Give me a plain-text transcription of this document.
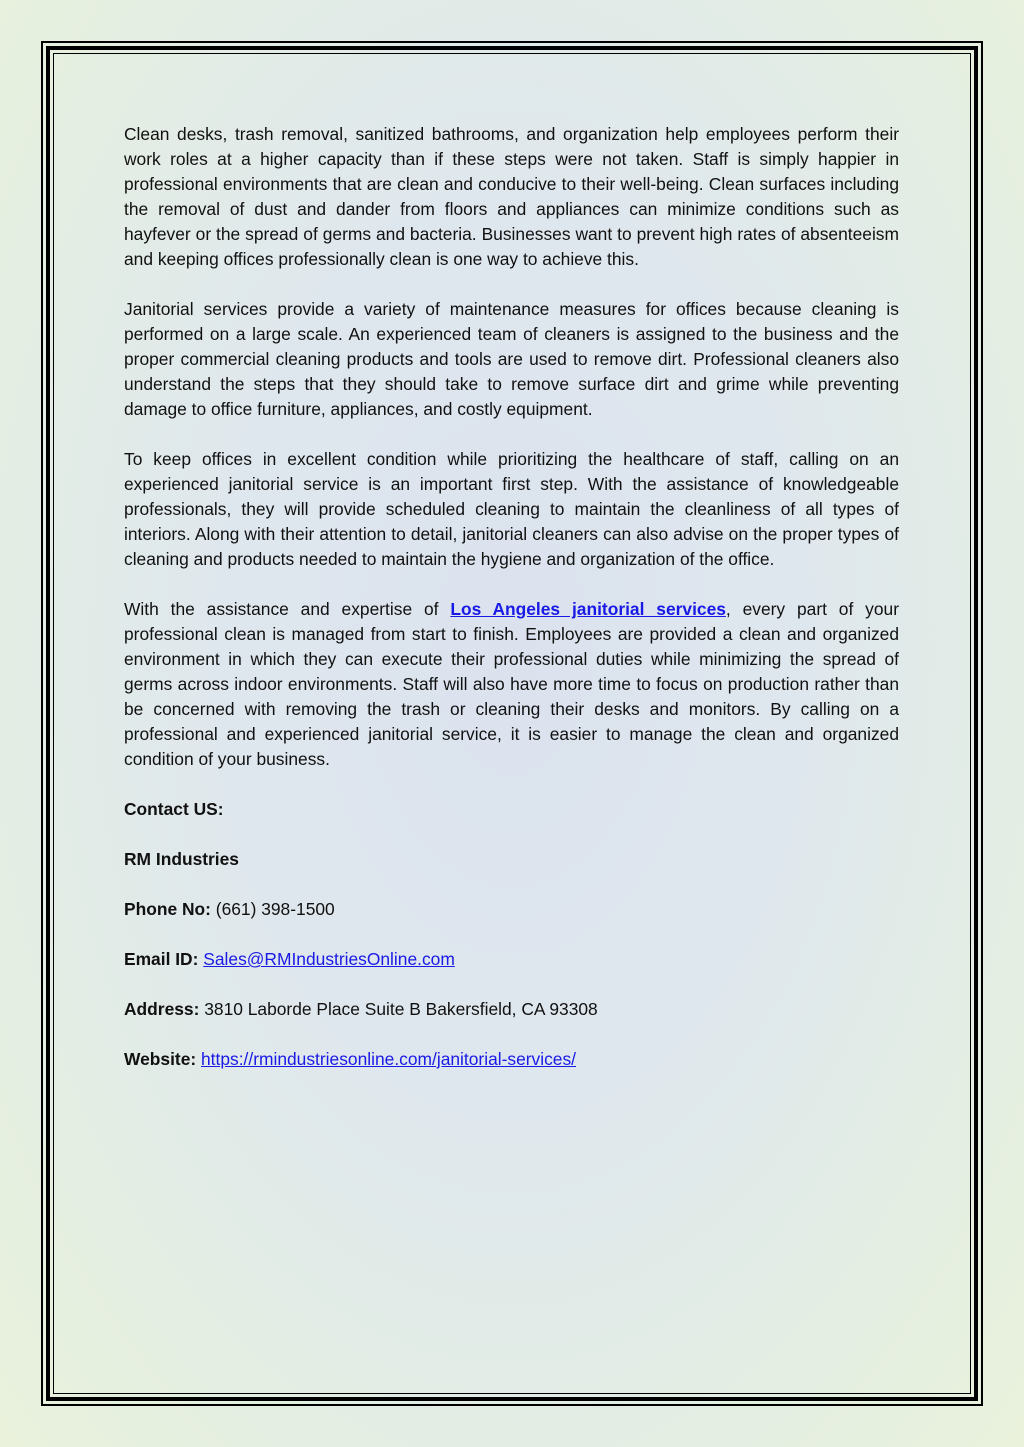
Clean desks, trash removal, sanitized bathrooms, and organization help employees perform their work roles at a higher capacity than if these steps were not taken. Staff is simply happier in professional environments that are clean and conducive to their well-being. Clean surfaces including the removal of dust and dander from floors and appliances can minimize conditions such as hayfever or the spread of germs and bacteria. Businesses want to prevent high rates of absenteeism and keeping offices professionally clean is one way to achieve this.

Janitorial services provide a variety of maintenance measures for offices because cleaning is performed on a large scale. An experienced team of cleaners is assigned to the business and the proper commercial cleaning products and tools are used to remove dirt. Professional cleaners also understand the steps that they should take to remove surface dirt and grime while preventing damage to office furniture, appliances, and costly equipment.

To keep offices in excellent condition while prioritizing the healthcare of staff, calling on an experienced janitorial service is an important first step. With the assistance of knowledgeable professionals, they will provide scheduled cleaning to maintain the cleanliness of all types of interiors. Along with their attention to detail, janitorial cleaners can also advise on the proper types of cleaning and products needed to maintain the hygiene and organization of the office.

With the assistance and expertise of Los Angeles janitorial services, every part of your professional clean is managed from start to finish. Employees are provided a clean and organized environment in which they can execute their professional duties while minimizing the spread of germs across indoor environments. Staff will also have more time to focus on production rather than be concerned with removing the trash or cleaning their desks and monitors. By calling on a professional and experienced janitorial service, it is easier to manage the clean and organized condition of your business.

Contact US:

RM Industries

Phone No: (661) 398-1500

Email ID: Sales@RMIndustriesOnline.com

Address: 3810 Laborde Place Suite B Bakersfield, CA 93308

Website: https://rmindustriesonline.com/janitorial-services/
